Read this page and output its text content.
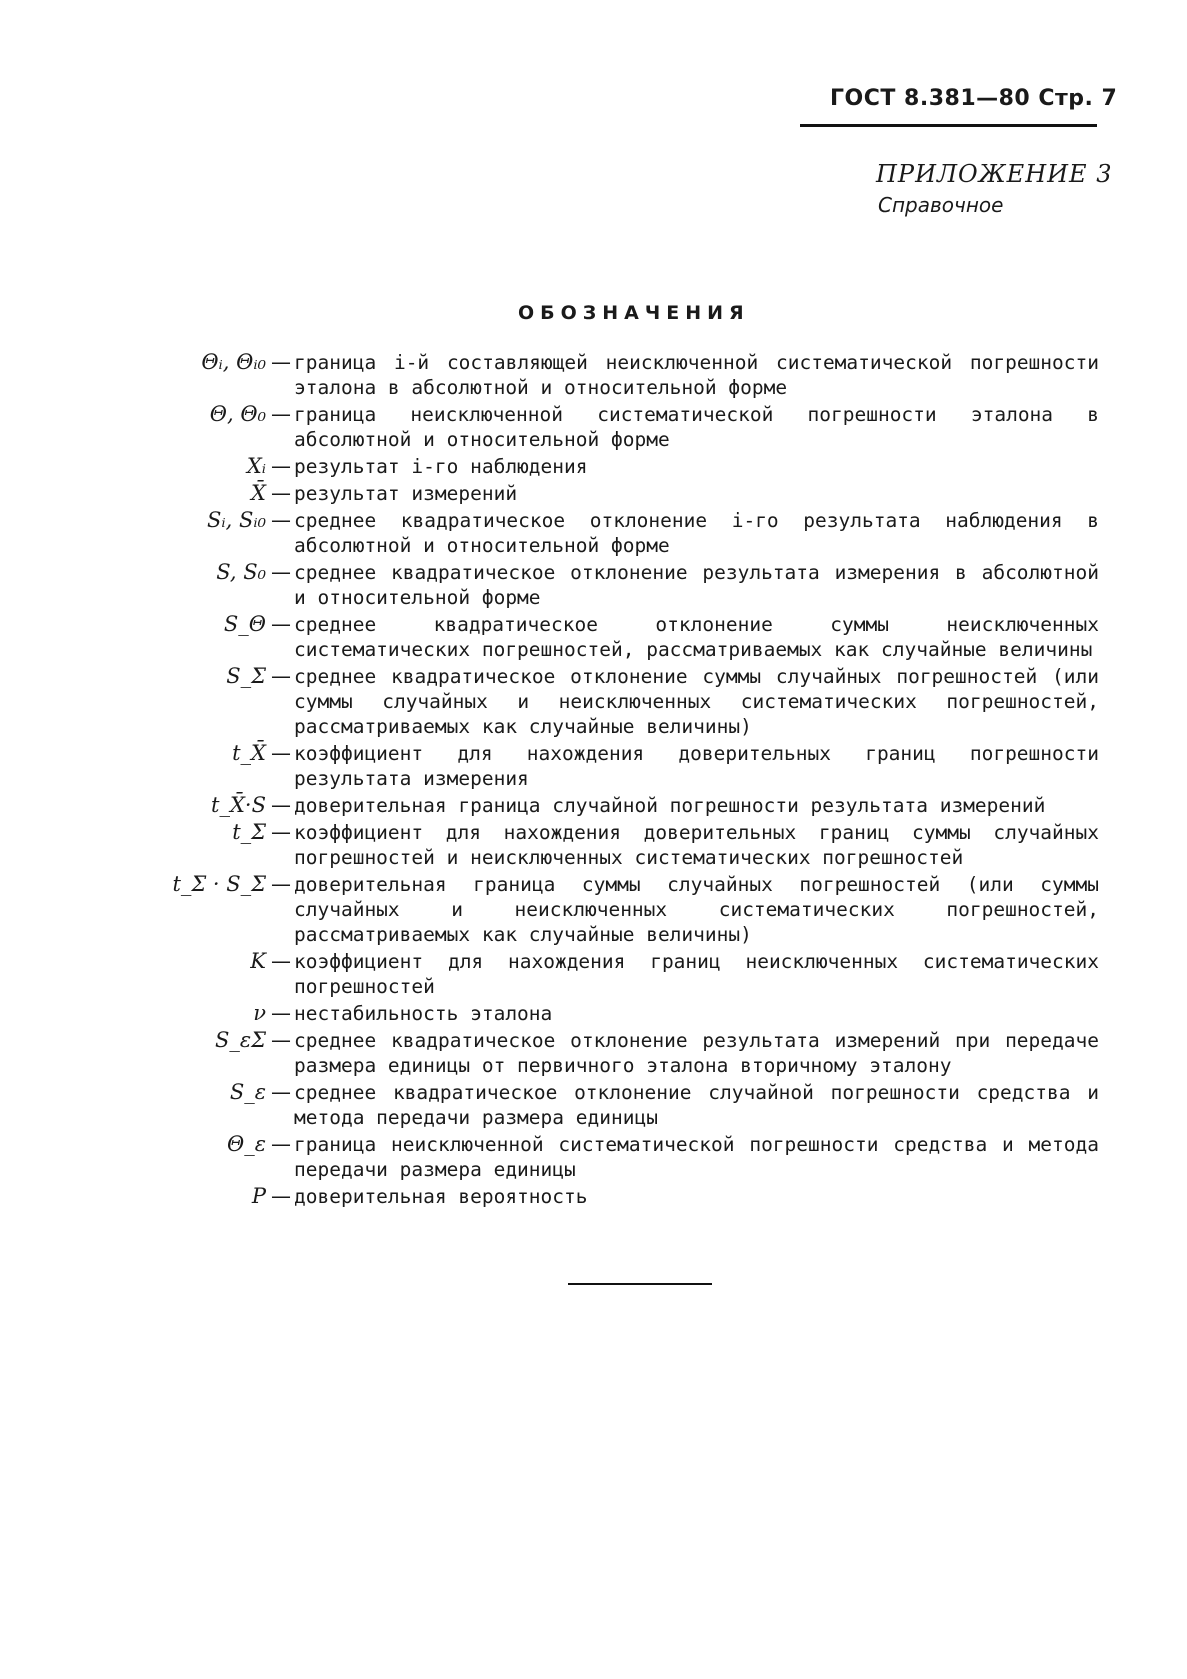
ГОСТ 8.381—80 Стр. 7
ПРИЛОЖЕНИЕ 3
Справочное
ОБОЗНАЧЕНИЯ
Θᵢ, Θᵢ₀ — граница i-й составляющей неисключенной систематической погрешности эталона в абсолютной и относительной форме
Θ, Θ₀ — граница неисключенной систематической погрешности эталона в абсолютной и относительной форме
Xᵢ — результат i-го наблюдения
X̄ — результат измерений
Sᵢ, Sᵢ₀ — среднее квадратическое отклонение i-го результата наблюдения в абсолютной и относительной форме
S, S₀ — среднее квадратическое отклонение результата измерения в абсолютной и относительной форме
S_Θ — среднее квадратическое отклонение суммы неисключенных систематических погрешностей, рассматриваемых как случайные величины
S_Σ — среднее квадратическое отклонение суммы случайных погрешностей (или суммы случайных и неисключенных систематических погрешностей, рассматриваемых как случайные величины)
t_X̄ — коэффициент для нахождения доверительных границ погрешности результата измерения
t_X̄·S — доверительная граница случайной погрешности результата измерений
t_Σ — коэффициент для нахождения доверительных границ суммы случайных погрешностей и неисключенных систематических погрешностей
t_Σ · S_Σ — доверительная граница суммы случайных погрешностей (или суммы случайных и неисключенных систематических погрешностей, рассматриваемых как случайные величины)
K — коэффициент для нахождения границ неисключенных систематических погрешностей
ν — нестабильность эталона
S_εΣ — среднее квадратическое отклонение результата измерений при передаче размера единицы от первичного эталона вторичному эталону
S_ε — среднее квадратическое отклонение случайной погрешности средства и метода передачи размера единицы
Θ_ε — граница неисключенной систематической погрешности средства и метода передачи размера единицы
P — доверительная вероятность
